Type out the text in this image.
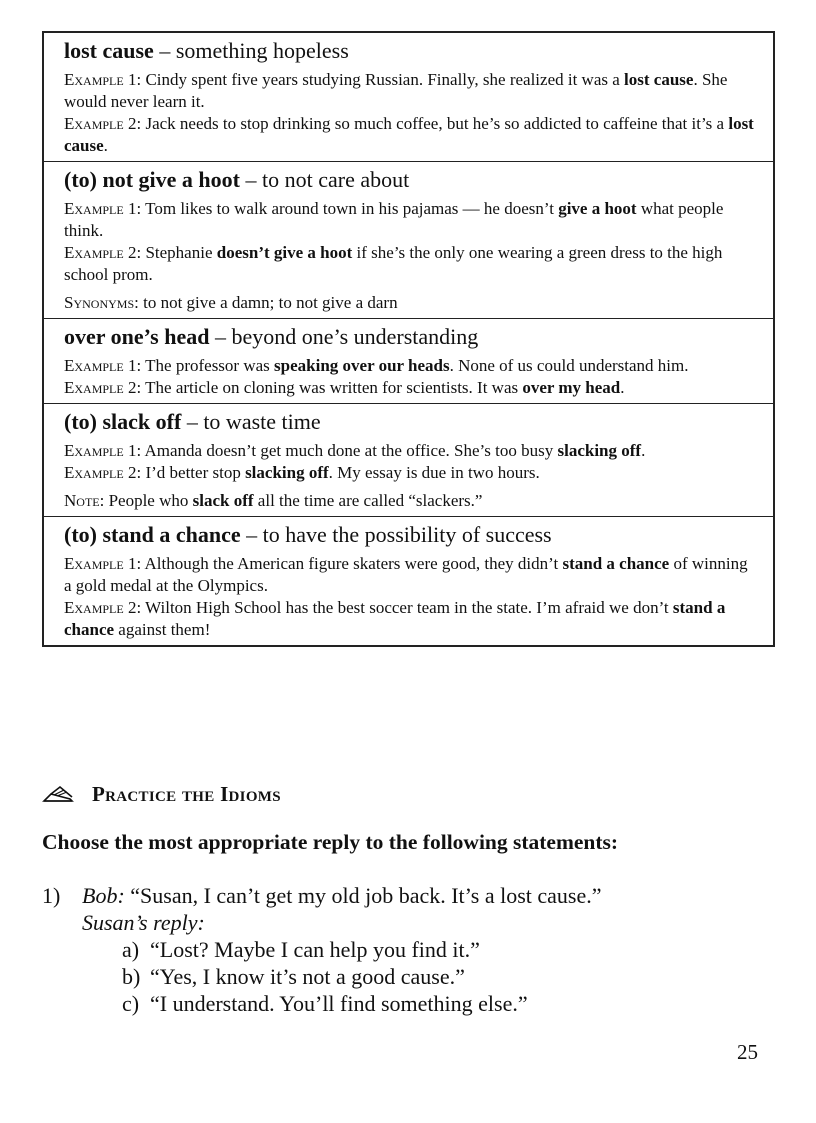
lost cause – something hopeless

Example 1: Cindy spent five years studying Russian. Finally, she realized it was a lost cause. She would never learn it.

Example 2: Jack needs to stop drinking so much coffee, but he’s so addicted to caffeine that it’s a lost cause.

(to) not give a hoot – to not care about

Example 1: Tom likes to walk around town in his pajamas — he doesn’t give a hoot what people think.

Example 2: Stephanie doesn’t give a hoot if she’s the only one wearing a green dress to the high school prom.

Synonyms: to not give a damn; to not give a darn

over one’s head – beyond one’s understanding

Example 1: The professor was speaking over our heads. None of us could understand him.

Example 2: The article on cloning was written for scientists. It was over my head.

(to) slack off – to waste time

Example 1: Amanda doesn’t get much done at the office. She’s too busy slacking off.

Example 2: I’d better stop slacking off. My essay is due in two hours.

Note: People who slack off all the time are called “slackers.”

(to) stand a chance – to have the possibility of success

Example 1: Although the American figure skaters were good, they didn’t stand a chance of winning a gold medal at the Olympics.

Example 2: Wilton High School has the best soccer team in the state. I’m afraid we don’t stand a chance against them!

Practice the Idioms

Choose the most appropriate reply to the following statements:

1) Bob: “Susan, I can’t get my old job back. It’s a lost cause.”
Susan’s reply:
a) “Lost? Maybe I can help you find it.”
b) “Yes, I know it’s not a good cause.”
c) “I understand. You’ll find something else.”

25
